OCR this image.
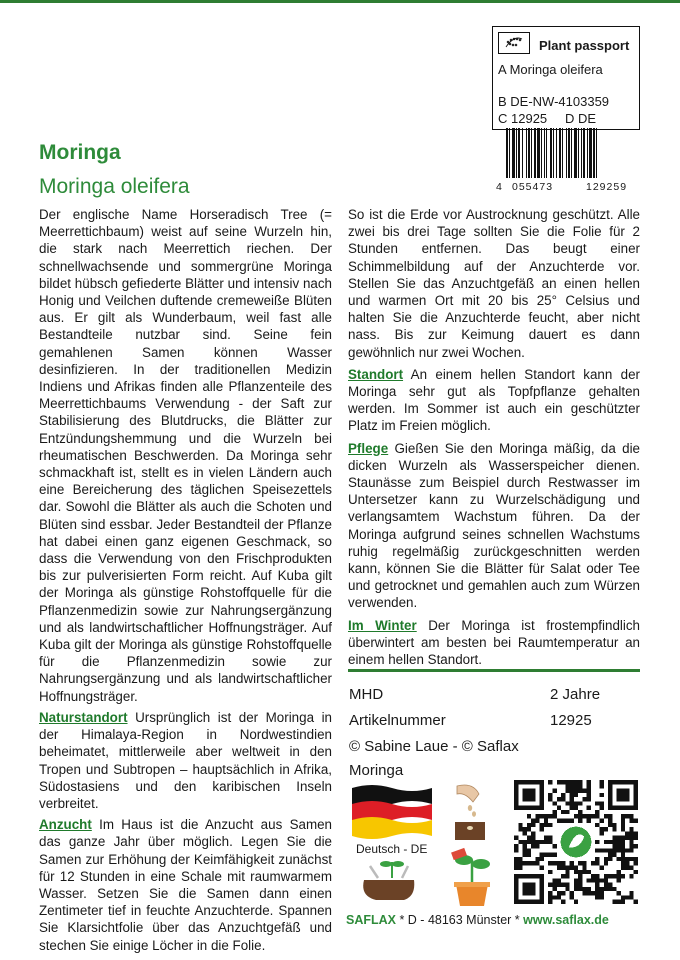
Moringa
Moringa oleifera
Plant passport
A Moringa oleifera
B DE-NW-4103359
C 12925 D DE
4 055473	129259

Der englische Name Horseradisch Tree (= Meerrettichbaum) weist auf seine Wurzeln hin, die stark nach Meerrettich riechen. Der schnellwachsende und sommergrüne Moringa bildet hübsch gefiederte Blätter und intensiv nach Honig und Veilchen duftende cremeweiße Blüten aus. Er gilt als Wunderbaum, weil fast alle Bestandteile nutzbar sind. Seine fein gemahlenen Samen können Wasser desinfizieren. In der traditionellen Medizin Indiens und Afrikas finden alle Pflanzenteile des Meerrettichbaums Verwendung - der Saft zur Stabilisierung des Blutdrucks, die Blätter zur Entzündungshemmung und die Wurzeln bei rheumatischen Beschwerden. Da Moringa sehr schmackhaft ist, stellt es in vielen Ländern auch eine Bereicherung des täglichen Speisezettels dar. Sowohl die Blätter als auch die Schoten und Blüten sind essbar. Jeder Bestandteil der Pflanze hat dabei einen ganz eigenen Geschmack, so dass die Verwendung von den Frischprodukten bis zur pulverisierten Form reicht. Auf Kuba gilt der Moringa als günstige Rohstoffquelle für die Pflanzenmedizin sowie zur Nahrungsergänzung und als landwirtschaftlicher Hoffnungsträger. Auf Kuba gilt der Moringa als günstige Rohstoffquelle für die Pflanzenmedizin sowie zur Nahrungsergänzung und als landwirtschaftlicher Hoffnungsträger.

Naturstandort Ursprünglich ist der Moringa in der Himalaya-Region in Nordwestindien beheimatet, mittlerweile aber weltweit in den Tropen und Subtropen – hauptsächlich in Afrika, Südostasiens und den karibischen Inseln verbreitet.

Anzucht Im Haus ist die Anzucht aus Samen das ganze Jahr über möglich. Legen Sie die Samen zur Erhöhung der Keimfähigkeit zunächst für 12 Stunden in eine Schale mit raumwarmem Wasser. Setzen Sie die Samen dann einen Zentimeter tief in feuchte Anzuchterde. Spannen Sie Klarsichtfolie über das Anzuchtgefäß und stechen Sie einige Löcher in die Folie.

So ist die Erde vor Austrocknung geschützt. Alle zwei bis drei Tage sollten Sie die Folie für 2 Stunden entfernen. Das beugt einer Schimmelbildung auf der Anzuchterde vor. Stellen Sie das Anzuchtgefäß an einen hellen und warmen Ort mit 20 bis 25° Celsius und halten Sie die Anzuchterde feucht, aber nicht nass. Bis zur Keimung dauert es dann gewöhnlich nur zwei Wochen.

Standort An einem hellen Standort kann der Moringa sehr gut als Topfpflanze gehalten werden. Im Sommer ist auch ein geschützter Platz im Freien möglich.

Pflege Gießen Sie den Moringa mäßig, da die dicken Wurzeln als Wasserspeicher dienen. Staunässe zum Beispiel durch Restwasser im Untersetzer kann zu Wurzelschädigung und verlangsamtem Wachstum führen. Da der Moringa aufgrund seines schnellen Wachstums ruhig regelmäßig zurückgeschnitten werden kann, können Sie die Blätter für Salat oder Tee und getrocknet und gemahlen auch zum Würzen verwenden.

Im Winter Der Moringa ist frostempfindlich überwintert am besten bei Raumtemperatur an einem hellen Standort.

MHD	2 Jahre
Artikelnummer	12925
© Sabine Laue - © Saflax
Moringa
Deutsch - DE
SAFLAX * D - 48163 Münster * www.saflax.de
